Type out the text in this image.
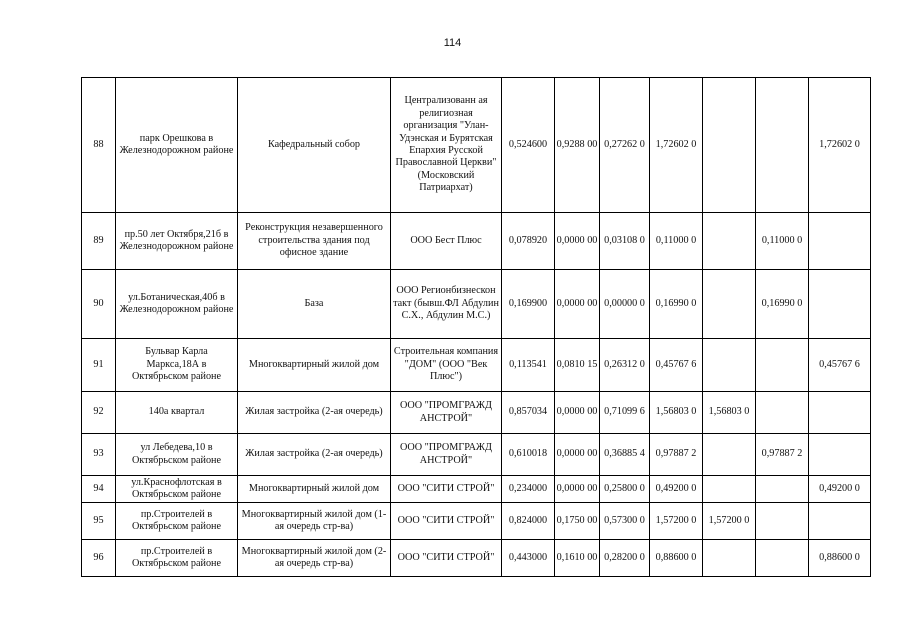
114
88	парк Орешкова в Железнодорожном районе	Кафедральный собор	Централизованн ая религиозная организация "Улан-Удэнская и Бурятская Епархия Русской Православной Церкви" (Московский Патриархат)	0,524600	0,9288 00	0,27262 0	1,72602 0			1,72602 0
89	пр.50 лет Октября,21б в Железнодорожном районе	Реконструкция незавершенного строительства здания под офисное здание	ООО Бест Плюс	0,078920	0,0000 00	0,03108 0	0,11000 0		0,11000 0	
90	ул.Ботаническая,40б в Железнодорожном районе	База	ООО Регионбизнескон такт (бывш.ФЛ Абдулин С.Х., Абдулин М.С.)	0,169900	0,0000 00	0,00000 0	0,16990 0		0,16990 0	
91	Бульвар Карла Маркса,18А в Октябрьском районе	Многоквартирный жилой дом	Строительная компания "ДОМ" (ООО "Век Плюс")	0,113541	0,0810 15	0,26312 0	0,45767 6			0,45767 6
92	140а квартал	Жилая застройка (2-ая очередь)	ООО "ПРОМГРАЖД АНСТРОЙ"	0,857034	0,0000 00	0,71099 6	1,56803 0	1,56803 0		
93	ул Лебедева,10 в Октябрьском районе	Жилая застройка (2-ая очередь)	ООО "ПРОМГРАЖД АНСТРОЙ"	0,610018	0,0000 00	0,36885 4	0,97887 2		0,97887 2	
94	ул.Краснофлотская в Октябрьском районе	Многоквартирный жилой дом	ООО "СИТИ СТРОЙ"	0,234000	0,0000 00	0,25800 0	0,49200 0			0,49200 0
95	пр.Строителей в Октябрьском районе	Многоквартирный жилой дом (1-ая очередь стр-ва)	ООО "СИТИ СТРОЙ"	0,824000	0,1750 00	0,57300 0	1,57200 0	1,57200 0		
96	пр.Строителей в Октябрьском районе	Многоквартирный жилой дом (2-ая очередь стр-ва)	ООО "СИТИ СТРОЙ"	0,443000	0,1610 00	0,28200 0	0,88600 0			0,88600 0
